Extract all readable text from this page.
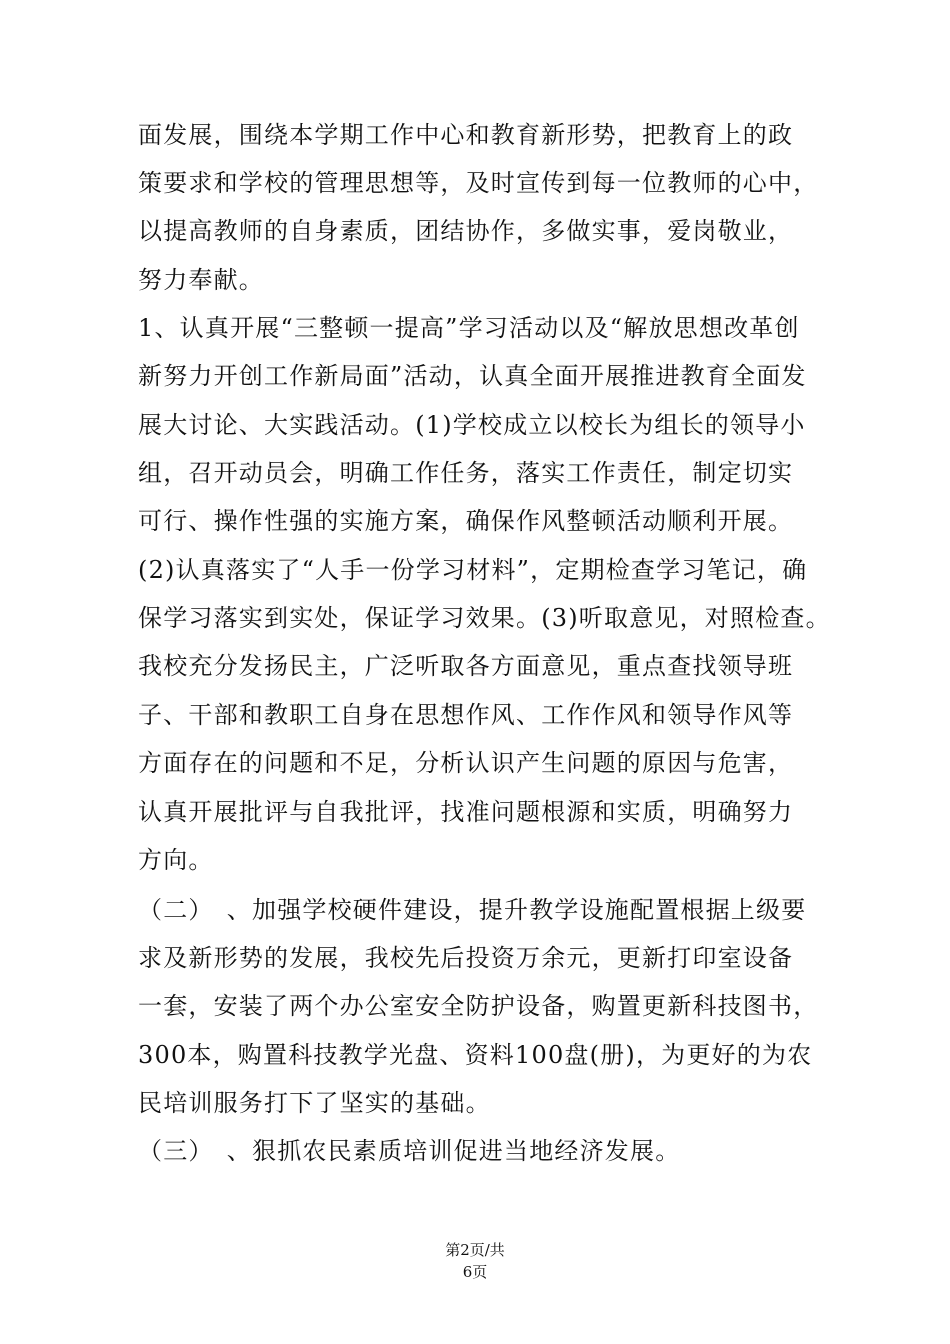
面发展，围绕本学期工作中心和教育新形势，把教育上的政
策要求和学校的管理思想等，及时宣传到每一位教师的心中，
以提高教师的自身素质，团结协作，多做实事，爱岗敬业，
努力奉献。
1、认真开展“三整顿一提高”学习活动以及“解放思想改革创
新努力开创工作新局面”活动，认真全面开展推进教育全面发
展大讨论、大实践活动。(1)学校成立以校长为组长的领导小
组，召开动员会，明确工作任务，落实工作责任，制定切实
可行、操作性强的实施方案，确保作风整顿活动顺利开展。
(2)认真落实了“人手一份学习材料”，定期检查学习笔记，确
保学习落实到实处，保证学习效果。(3)听取意见，对照检查。
我校充分发扬民主，广泛听取各方面意见，重点查找领导班
子、干部和教职工自身在思想作风、工作作风和领导作风等
方面存在的问题和不足，分析认识产生问题的原因与危害，
认真开展批评与自我批评，找准问题根源和实质，明确努力
方向。
（二）　、加强学校硬件建设，提升教学设施配置根据上级要
求及新形势的发展，我校先后投资万余元，更新打印室设备
一套，安装了两个办公室安全防护设备，购置更新科技图书，
300本，购置科技教学光盘、资料100盘(册)，为更好的为农
民培训服务打下了坚实的基础。
（三）　、狠抓农民素质培训促进当地经济发展。
第2页/共
6页
